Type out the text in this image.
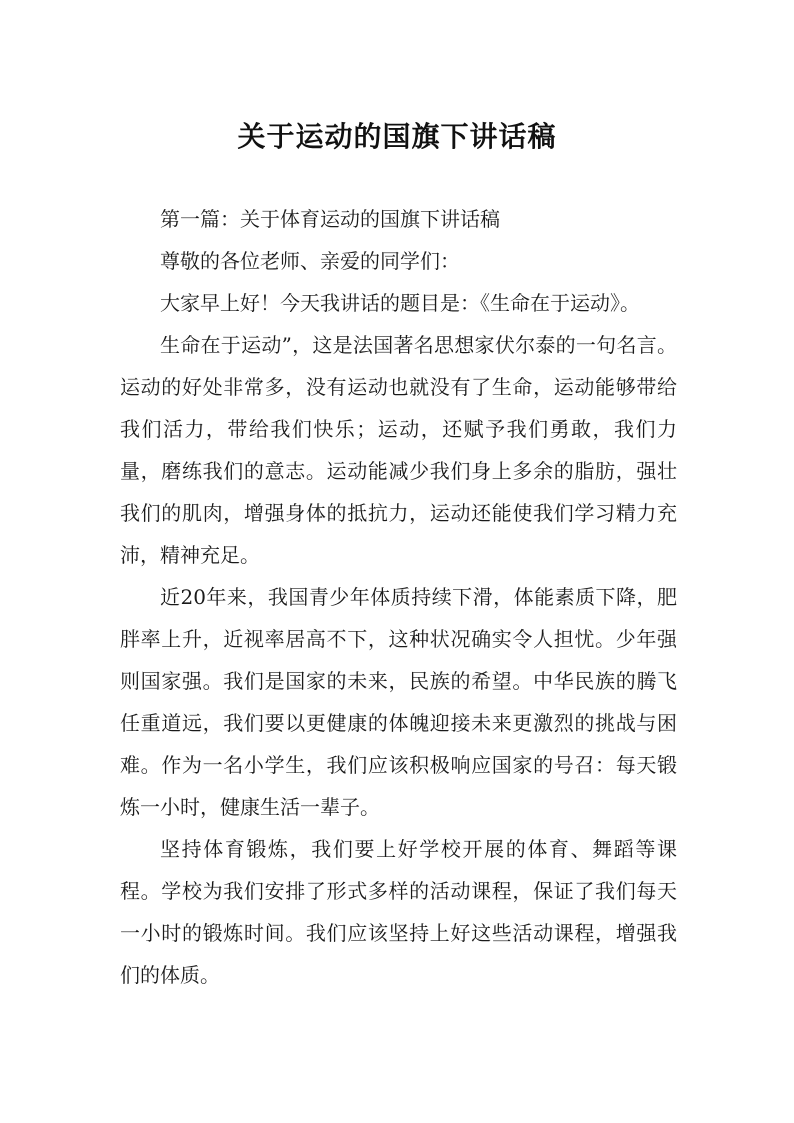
关于运动的国旗下讲话稿

第一篇：关于体育运动的国旗下讲话稿

尊敬的各位老师、亲爱的同学们：

大家早上好！今天我讲话的题目是：《生命在于运动》。

生命在于运动”，这是法国著名思想家伏尔泰的一句名言。运动的好处非常多，没有运动也就没有了生命，运动能够带给我们活力，带给我们快乐；运动，还赋予我们勇敢，我们力量，磨练我们的意志。运动能减少我们身上多余的脂肪，强壮我们的肌肉，增强身体的抵抗力，运动还能使我们学习精力充沛，精神充足。

近20年来，我国青少年体质持续下滑，体能素质下降，肥胖率上升，近视率居高不下，这种状况确实令人担忧。少年强则国家强。我们是国家的未来，民族的希望。中华民族的腾飞任重道远，我们要以更健康的体魄迎接未来更激烈的挑战与困难。作为一名小学生，我们应该积极响应国家的号召：每天锻炼一小时，健康生活一辈子。

坚持体育锻炼，我们要上好学校开展的体育、舞蹈等课程。学校为我们安排了形式多样的活动课程，保证了我们每天一小时的锻炼时间。我们应该坚持上好这些活动课程，增强我们的体质。
